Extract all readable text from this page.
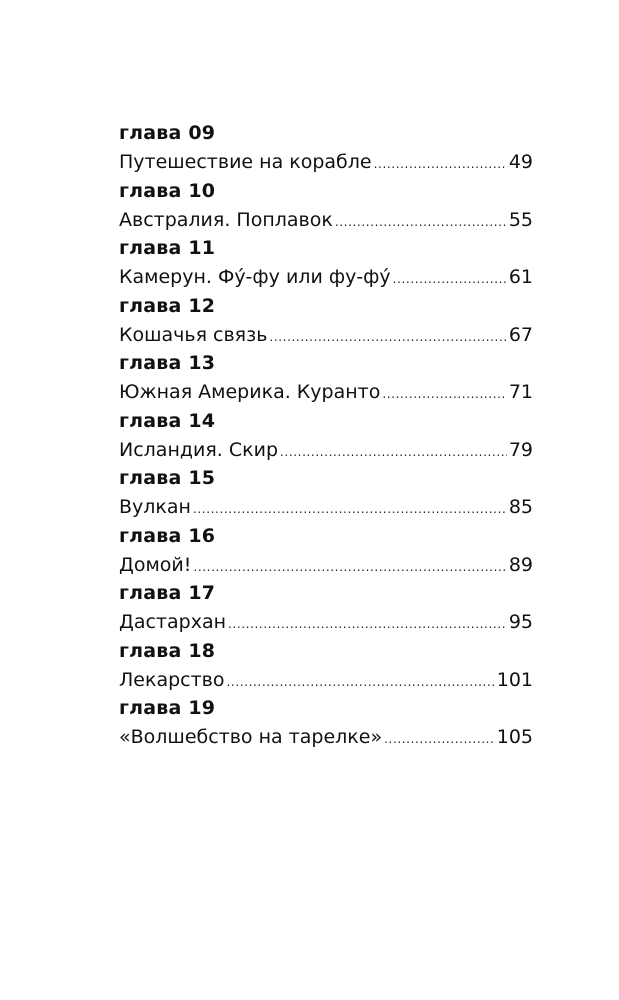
глава 09
Путешествие на корабле .....	49
глава 10
Австралия. Поплавок .....	55
глава 11
Камерун. Фу́-фу или фу-фу́ .....	61
глава 12
Кошачья связь .....	67
глава 13
Южная Америка. Куранто .....	71
глава 14
Исландия. Скир .....	79
глава 15
Вулкан .....	85
глава 16
Домой! .....	89
глава 17
Дастархан .....	95
глава 18
Лекарство .....	101
глава 19
«Волшебство на тарелке» .....	105
